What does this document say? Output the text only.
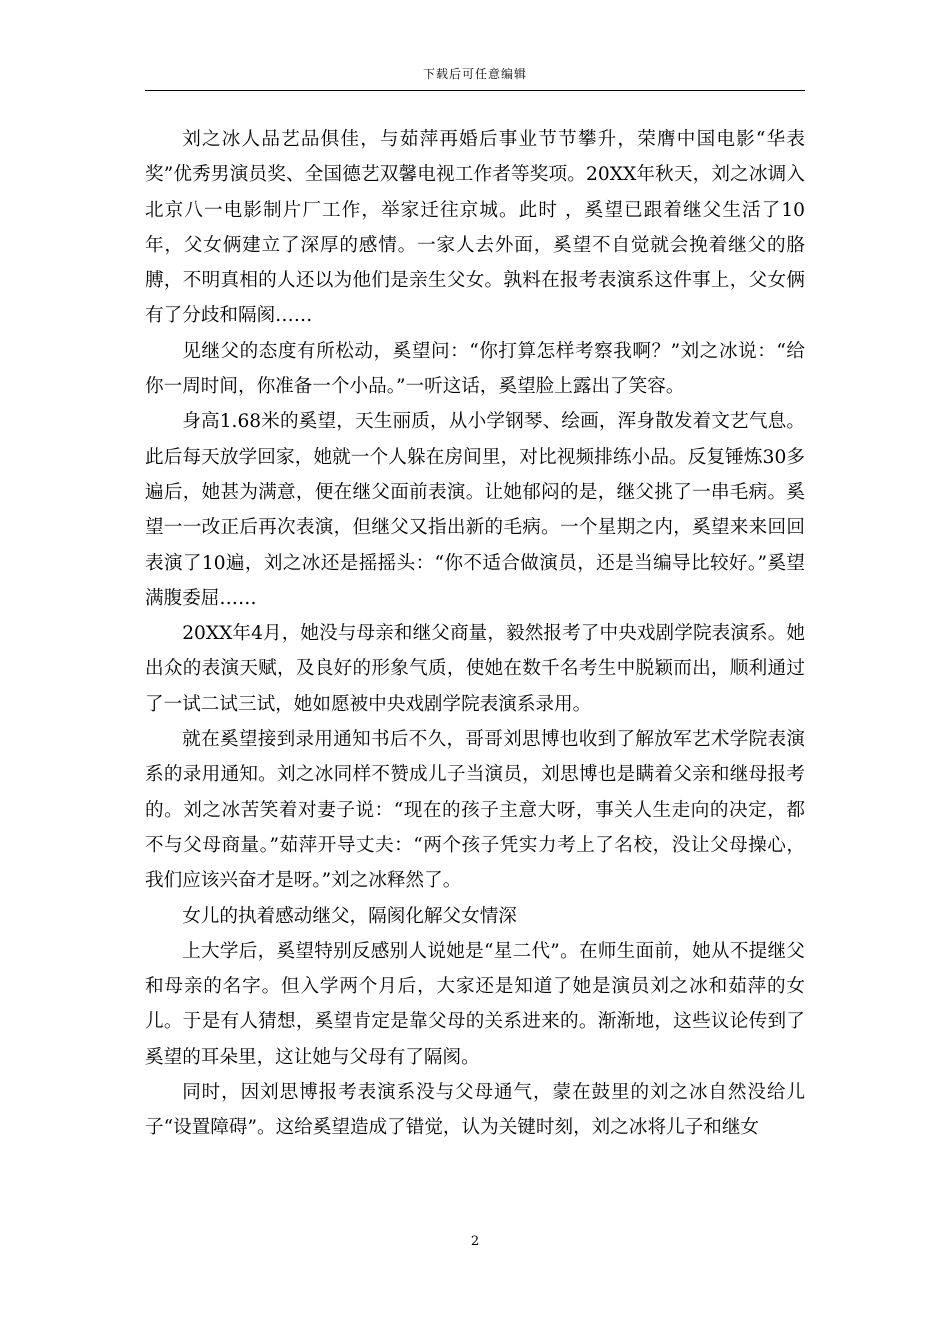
下载后可任意编辑

刘之冰人品艺品俱佳，与茹萍再婚后事业节节攀升，荣膺中国电影“华表奖”优秀男演员奖、全国德艺双馨电视工作者等奖项。20XX年秋天，刘之冰调入北京八一电影制片厂工作，举家迁往京城。此时 ，奚望已跟着继父生活了10年，父女俩建立了深厚的感情。一家人去外面，奚望不自觉就会挽着继父的胳膊，不明真相的人还以为他们是亲生父女。孰料在报考表演系这件事上，父女俩有了分歧和隔阂……

见继父的态度有所松动，奚望问：“你打算怎样考察我啊？”刘之冰说：“给你一周时间，你准备一个小品。”一听这话，奚望脸上露出了笑容。

身高1.68米的奚望，天生丽质，从小学钢琴、绘画，浑身散发着文艺气息。此后每天放学回家，她就一个人躲在房间里，对比视频排练小品。反复锤炼30多遍后，她甚为满意，便在继父面前表演。让她郁闷的是，继父挑了一串毛病。奚望一一改正后再次表演，但继父又指出新的毛病。一个星期之内，奚望来来回回表演了10遍，刘之冰还是摇摇头：“你不适合做演员，还是当编导比较好。”奚望满腹委屈……

20XX年4月，她没与母亲和继父商量，毅然报考了中央戏剧学院表演系。她出众的表演天赋，及良好的形象气质，使她在数千名考生中脱颖而出，顺利通过了一试二试三试，她如愿被中央戏剧学院表演系录用。

就在奚望接到录用通知书后不久，哥哥刘思博也收到了解放军艺术学院表演系的录用通知。刘之冰同样不赞成儿子当演员，刘思博也是瞒着父亲和继母报考的。刘之冰苦笑着对妻子说：“现在的孩子主意大呀，事关人生走向的决定，都不与父母商量。”茹萍开导丈夫：“两个孩子凭实力考上了名校，没让父母操心，我们应该兴奋才是呀。”刘之冰释然了。

女儿的执着感动继父，隔阂化解父女情深

上大学后，奚望特别反感别人说她是“星二代”。在师生面前，她从不提继父和母亲的名字。但入学两个月后，大家还是知道了她是演员刘之冰和茹萍的女儿。于是有人猜想，奚望肯定是靠父母的关系进来的。渐渐地，这些议论传到了奚望的耳朵里，这让她与父母有了隔阂。

同时，因刘思博报考表演系没与父母通气，蒙在鼓里的刘之冰自然没给儿子“设置障碍”。这给奚望造成了错觉，认为关键时刻，刘之冰将儿子和继女

2
